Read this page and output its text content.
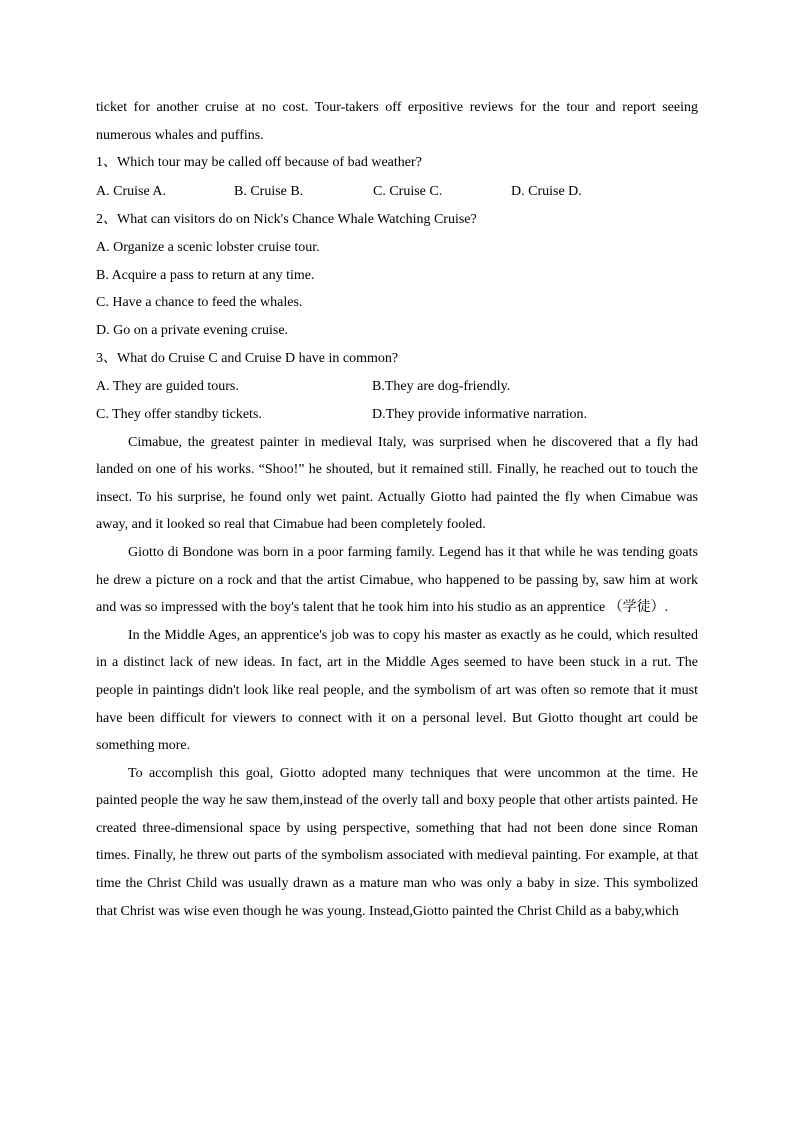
ticket for another cruise at no cost. Tour-takers off erpositive reviews for the tour and report seeing numerous whales and puffins.

1、Which tour may be called off because of bad weather?

A. Cruise A.	B. Cruise B.	C. Cruise C.	D. Cruise D.

2、What can visitors do on Nick's Chance Whale Watching Cruise?

A. Organize a scenic lobster cruise tour.

B. Acquire a pass to return at any time.

C. Have a chance to feed the whales.

D. Go on a private evening cruise.

3、What do Cruise C and Cruise D have in common?

A. They are guided tours.	B.They are dog-friendly.
C. They offer standby tickets.	D.They provide informative narration.

Cimabue, the greatest painter in medieval Italy, was surprised when he discovered that a fly had landed on one of his works. “Shoo!” he shouted, but it remained still. Finally, he reached out to touch the insect. To his surprise, he found only wet paint. Actually Giotto had painted the fly when Cimabue was away, and it looked so real that Cimabue had been completely fooled.

Giotto di Bondone was born in a poor farming family. Legend has it that while he was tending goats he drew a picture on a rock and that the artist Cimabue, who happened to be passing by, saw him at work and was so impressed with the boy's talent that he took him into his studio as an apprentice （学徒）.

In the Middle Ages, an apprentice's job was to copy his master as exactly as he could, which resulted in a distinct lack of new ideas. In fact, art in the Middle Ages seemed to have been stuck in a rut. The people in paintings didn't look like real people, and the symbolism of art was often so remote that it must have been difficult for viewers to connect with it on a personal level. But Giotto thought art could be something more.

To accomplish this goal, Giotto adopted many techniques that were uncommon at the time. He painted people the way he saw them,instead of the overly tall and boxy people that other artists painted. He created three-dimensional space by using perspective, something that had not been done since Roman times. Finally, he threw out parts of the symbolism associated with medieval painting. For example, at that time the Christ Child was usually drawn as a mature man who was only a baby in size. This symbolized that Christ was wise even though he was young. Instead,Giotto painted the Christ Child as a baby,which
